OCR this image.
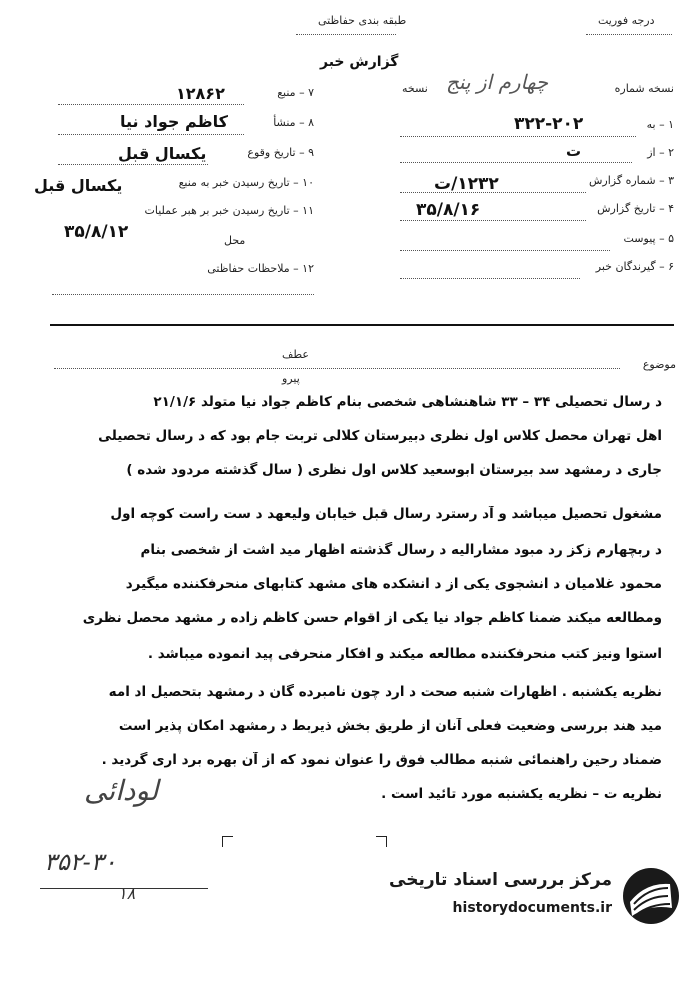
طبقه بندی حفاظتی	درجه فوریت
گزارش خبر
نسخه شماره
چهارم از پنج
نسخه
۱ – به
۳۲۲-۲۰۲
۲ – از
ت
۳ – شماره گزارش
۱۲۳۲/ت
۴ – تاریخ گزارش
۳۵/۸/۱۶
۵ – پیوست
۶ – گیرندگان خبر
۷ – منبع
۱۲۸۶۲
۸ – منشأ
کاظم جواد نیا
۹ – تاریخ وقوع
یکسال قبل
۱۰ – تاریخ رسیدن خبر به منبع
یکسال قبل
۱۱ – تاریخ رسیدن خبر بر هبر عملیات
۳۵/۸/۱۲	محل
۱۲ – ملاحظات حفاظتی
عطف
موضوع
پیرو
د رسال تحصیلی ۳۴ – ۳۳ شاهنشاهی شخصی بنام کاظم جواد نیا متولد ۲۱/۱/۶
اهل تهران محصل کلاس اول نظری دبیرستان کلالی تربت جام بود که د رسال تحصیلی
جاری د رمشهد سد بیرستان ابوسعید کلاس اول نظری ( سال گذشته مردود شده )
مشغول تحصیل میباشد و آد رسترد رسال قبل خیابان ولیعهد د ست راست کوچه اول
د ربچهارم زکز رد مبود مشارالیه د رسال گذشته اظهار مید اشت از شخصی بنام
محمود غلامیان د انشجوی یکی از د انشکده های مشهد کتابهای منحرفکننده میگیرد
ومطالعه میکند ضمنا کاظم جواد نیا یکی از اقوام حسن کاظم زاده ر مشهد محصل نظری
استوا ونیز کتب منحرفکننده مطالعه میکند و افکار منحرفی پید انموده میباشد .
نظریه یکشنبه . اظهارات شنبه صحت د ارد چون نامبرده گان د رمشهد بتحصیل اد امه
مید هند بررسی وضعیت فعلی آنان از طریق بخش ذیربط د رمشهد امکان پذیر است
ضمناد رحین راهنمائی شنبه مطالب فوق را عنوان نمود که از آن بهره برد اری گردید .
نظریه ت – نظریه یکشنبه مورد تائید است .
لودائی
۳۵۲-۳۰
۱۸
مرکز بررسی اسناد تاریخی
historydocuments.ir
